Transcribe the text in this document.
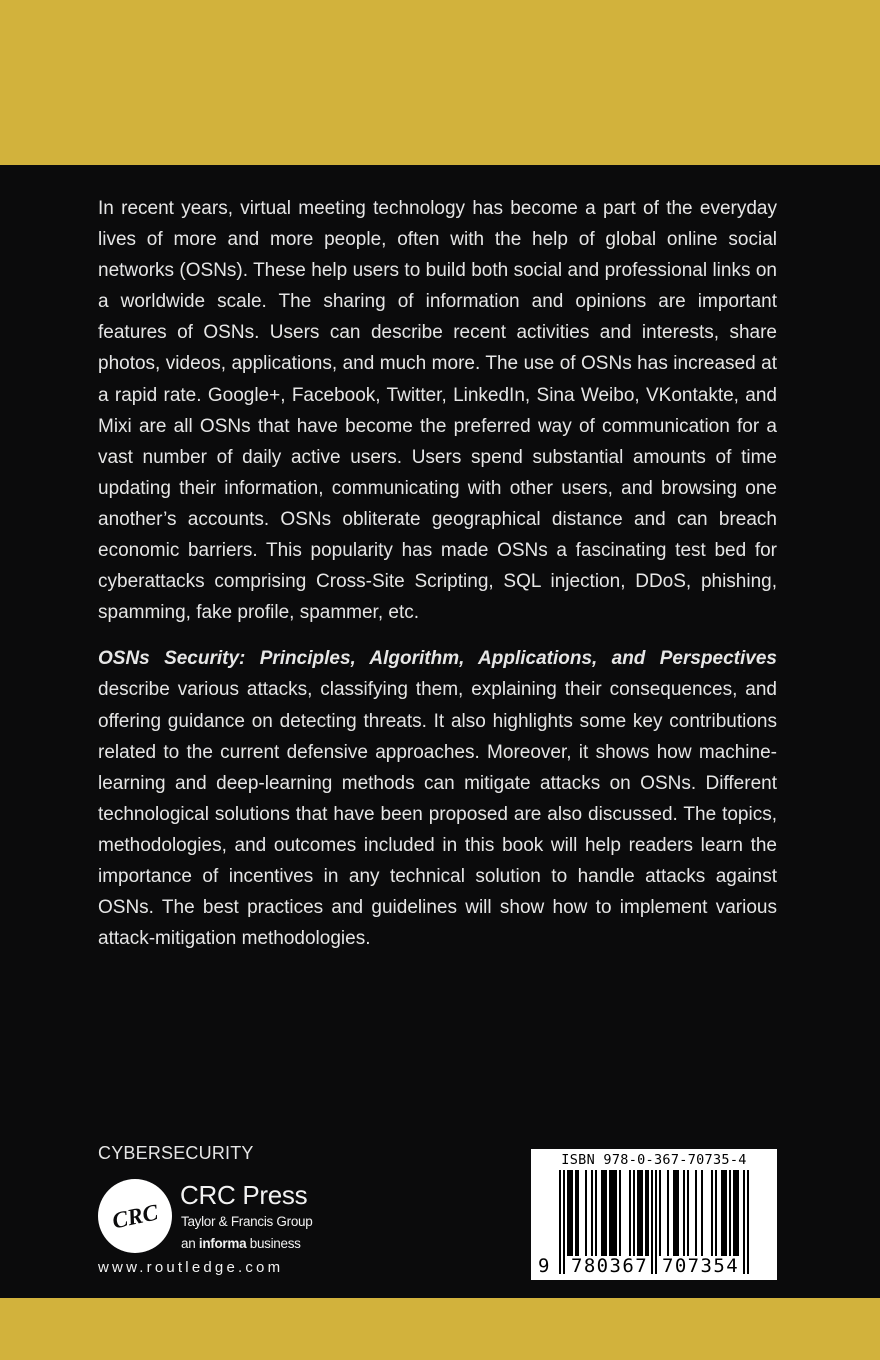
In recent years, virtual meeting technology has become a part of the everyday lives of more and more people, often with the help of global online social networks (OSNs). These help users to build both social and professional links on a worldwide scale. The sharing of information and opinions are important features of OSNs. Users can describe recent activities and interests, share photos, videos, applications, and much more. The use of OSNs has increased at a rapid rate. Google+, Facebook, Twitter, LinkedIn, Sina Weibo, VKontakte, and Mixi are all OSNs that have become the preferred way of communication for a vast number of daily active users. Users spend substantial amounts of time updating their information, communicating with other users, and browsing one another’s accounts. OSNs obliterate geographical distance and can breach economic barriers. This popularity has made OSNs a fascinating test bed for cyberattacks comprising Cross-Site Scripting, SQL injection, DDoS, phishing, spamming, fake profile, spammer, etc.

OSNs Security: Principles, Algorithm, Applications, and Perspectives describe various attacks, classifying them, explaining their consequences, and offering guidance on detecting threats. It also highlights some key contributions related to the current defensive approaches. Moreover, it shows how machine-learning and deep-learning methods can mitigate attacks on OSNs. Different technological solutions that have been proposed are also discussed. The topics, methodologies, and outcomes included in this book will help readers learn the importance of incentives in any technical solution to handle attacks against OSNs. The best practices and guidelines will show how to implement various attack-mitigation methodologies.

CYBERSECURITY
CRC
CRC Press
Taylor & Francis Group
an informa business
www.routledge.com
ISBN 978-0-367-70735-4
9 780367 707354
